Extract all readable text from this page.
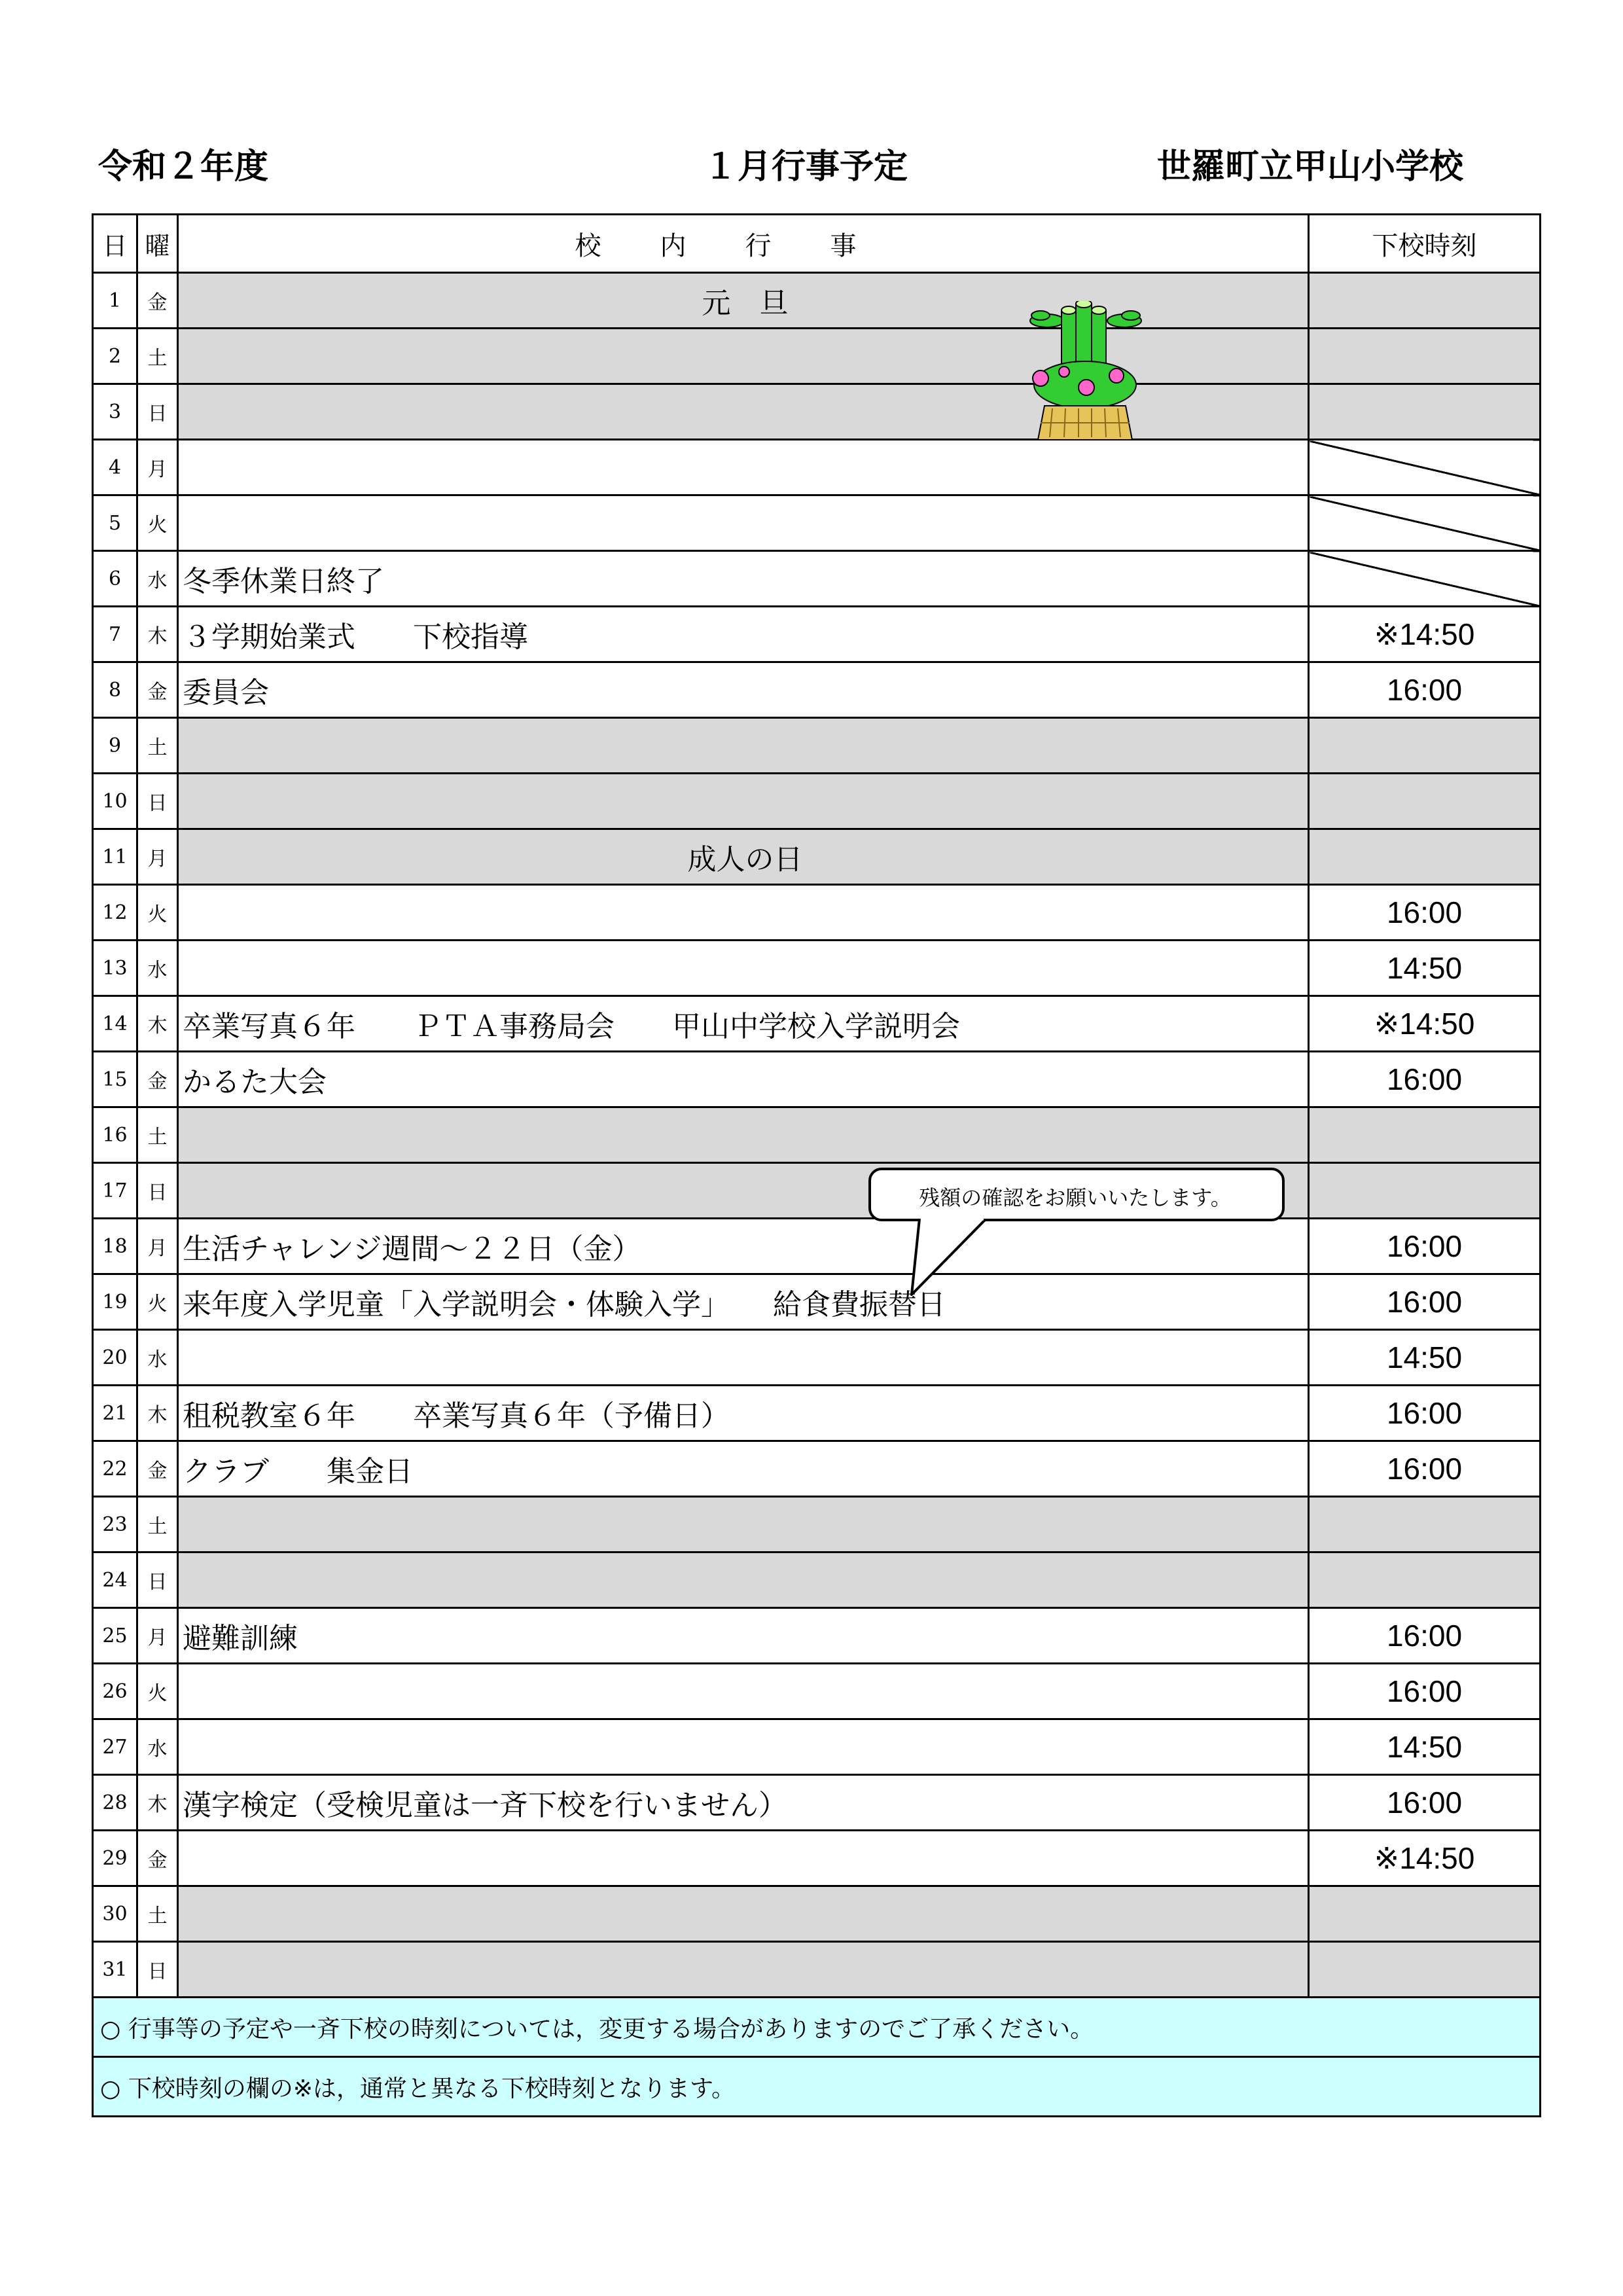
令和２年度	１月行事予定	世羅町立甲山小学校
日	曜	校内行事	下校時刻
1	金	元　旦	
2	土		
3	日		
4	月		
5	火		
6	水	冬季休業日終了	
7	木	３学期始業式　　下校指導	※14:50
8	金	委員会	16:00
9	土		
10	日		
11	月	成人の日	
12	火		16:00
13	水		14:50
14	木	卒業写真６年　　ＰＴＡ事務局会　　甲山中学校入学説明会	※14:50
15	金	かるた大会	16:00
16	土		
17	日		
18	月	生活チャレンジ週間～２２日（金）	16:00
19	火	来年度入学児童「入学説明会・体験入学」　　給食費振替日	16:00
20	水		14:50
21	木	租税教室６年　　卒業写真６年（予備日）	16:00
22	金	クラブ　　集金日	16:00
23	土		
24	日		
25	月	避難訓練	16:00
26	火		16:00
27	水		14:50
28	木	漢字検定（受検児童は一斉下校を行いません）	16:00
29	金		※14:50
30	土		
31	日		
○ 行事等の予定や一斉下校の時刻については，変更する場合がありますのでご了承ください。			
○ 下校時刻の欄の※は，通常と異なる下校時刻となります。			
残額の確認をお願いいたします。
